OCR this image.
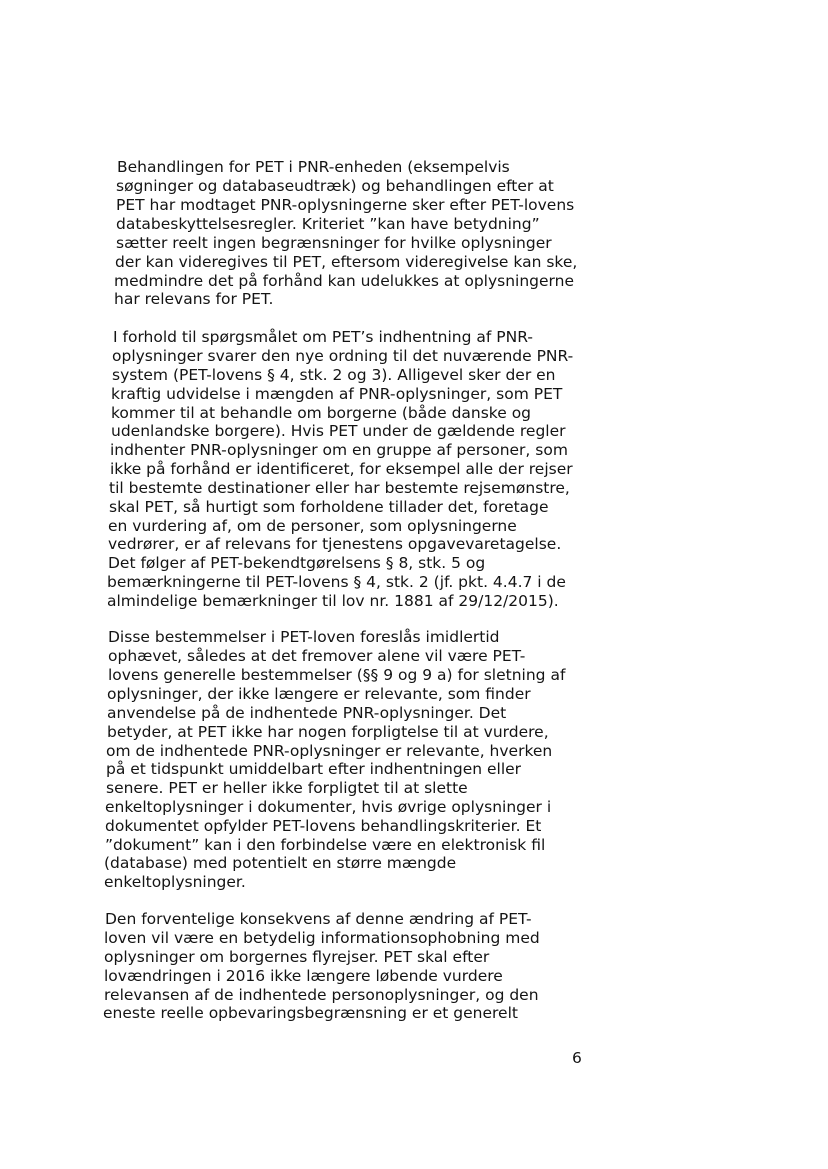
Behandlingen for PET i PNR-enheden (eksempelvis

søgninger og databaseudtræk) og behandlingen efter at

PET har modtaget PNR-oplysningerne sker efter PET-lovens

databeskyttelsesregler. Kriteriet ”kan have betydning”

sætter reelt ingen begrænsninger for hvilke oplysninger

der kan videregives til PET, eftersom videregivelse kan ske,

medmindre det på forhånd kan udelukkes at oplysningerne

har relevans for PET.

I forhold til spørgsmålet om PET’s indhentning af PNR-

oplysninger svarer den nye ordning til det nuværende PNR-

system (PET-lovens § 4, stk. 2 og 3). Alligevel sker der en

kraftig udvidelse i mængden af PNR-oplysninger, som PET

kommer til at behandle om borgerne (både danske og

udenlandske borgere). Hvis PET under de gældende regler

indhenter PNR-oplysninger om en gruppe af personer, som

ikke på forhånd er identificeret, for eksempel alle der rejser

til bestemte destinationer eller har bestemte rejsemønstre,

skal PET, så hurtigt som forholdene tillader det, foretage

en vurdering af, om de personer, som oplysningerne

vedrører, er af relevans for tjenestens opgavevaretagelse.

Det følger af PET-bekendtgørelsens § 8, stk. 5 og

bemærkningerne til PET-lovens § 4, stk. 2 (jf. pkt. 4.4.7 i de

almindelige bemærkninger til lov nr. 1881 af 29/12/2015).

Disse bestemmelser i PET-loven foreslås imidlertid

ophævet, således at det fremover alene vil være PET-

lovens generelle bestemmelser (§§ 9 og 9 a) for sletning af

oplysninger, der ikke længere er relevante, som finder

anvendelse på de indhentede PNR-oplysninger. Det

betyder, at PET ikke har nogen forpligtelse til at vurdere,

om de indhentede PNR-oplysninger er relevante, hverken

på et tidspunkt umiddelbart efter indhentningen eller

senere. PET er heller ikke forpligtet til at slette

enkeltoplysninger i dokumenter, hvis øvrige oplysninger i

dokumentet opfylder PET-lovens behandlingskriterier. Et

”dokument” kan i den forbindelse være en elektronisk fil

(database) med potentielt en større mængde

enkeltoplysninger.

Den forventelige konsekvens af denne ændring af PET-

loven vil være en betydelig informationsophobning med

oplysninger om borgernes flyrejser. PET skal efter

lovændringen i 2016 ikke længere løbende vurdere

relevansen af de indhentede personoplysninger, og den

eneste reelle opbevaringsbegrænsning er et generelt

6
